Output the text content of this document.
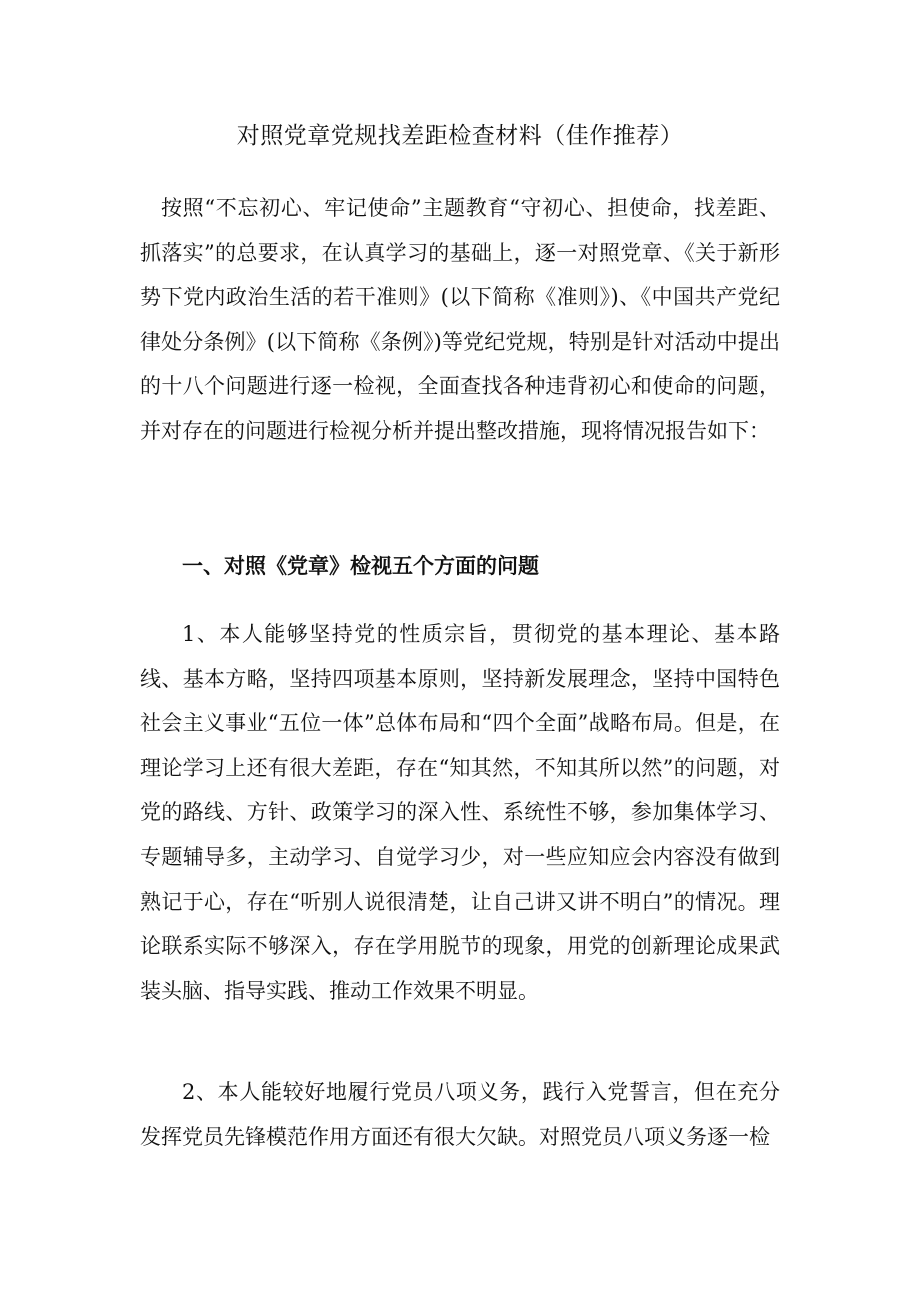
对照党章党规找差距检查材料（佳作推荐）

按照“不忘初心、牢记使命”主题教育“守初心、担使命，找差距、抓落实”的总要求，在认真学习的基础上，逐一对照党章、《关于新形势下党内政治生活的若干准则》(以下简称《准则》)、《中国共产党纪律处分条例》(以下简称《条例》)等党纪党规，特别是针对活动中提出的十八个问题进行逐一检视，全面查找各种违背初心和使命的问题，并对存在的问题进行检视分析并提出整改措施，现将情况报告如下：

一、对照《党章》检视五个方面的问题

1、本人能够坚持党的性质宗旨，贯彻党的基本理论、基本路线、基本方略，坚持四项基本原则，坚持新发展理念，坚持中国特色社会主义事业“五位一体”总体布局和“四个全面”战略布局。但是，在理论学习上还有很大差距，存在“知其然，不知其所以然”的问题，对党的路线、方针、政策学习的深入性、系统性不够，参加集体学习、专题辅导多，主动学习、自觉学习少，对一些应知应会内容没有做到熟记于心，存在“听别人说很清楚，让自己讲又讲不明白”的情况。理论联系实际不够深入，存在学用脱节的现象，用党的创新理论成果武装头脑、指导实践、推动工作效果不明显。

2、本人能较好地履行党员八项义务，践行入党誓言，但在充分发挥党员先锋模范作用方面还有很大欠缺。对照党员八项义务逐一检
